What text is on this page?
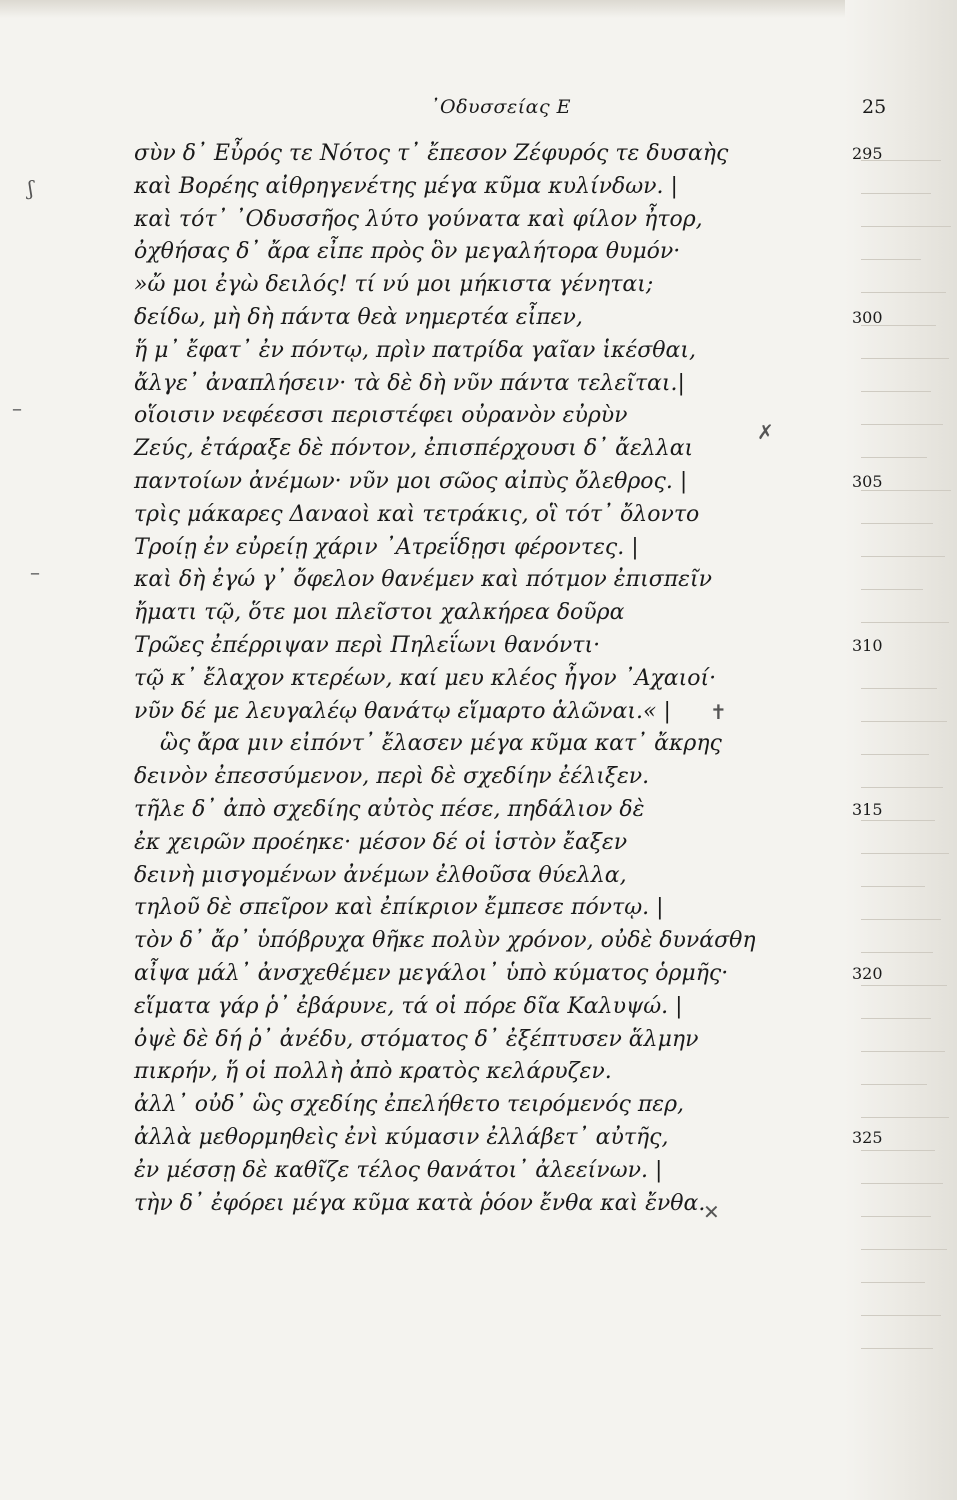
᾿Οδυσσείας Ε	25
σὺν δ᾿ Εὖρός τε Νότος τ᾿ ἔπεσον Ζέφυρός τε δυσαὴς
καὶ Βορέης αἰθρηγενέτης μέγα κῦμα κυλίνδων. |
καὶ τότ᾿ ᾿Οδυσσῆος λύτο γούνατα καὶ φίλον ἦτορ,
ὀχθήσας δ᾿ ἄρα εἶπε πρὸς ὃν μεγαλήτορα θυμόν·
»ὤ μοι ἐγὼ δειλός! τί νύ μοι μήκιστα γένηται;
δείδω, μὴ δὴ πάντα θεὰ νημερτέα εἶπεν,
ἥ μ᾿ ἔφατ᾿ ἐν πόντῳ, πρὶν πατρίδα γαῖαν ἱκέσθαι,
ἄλγε᾿ ἀναπλήσειν· τὰ δὲ δὴ νῦν πάντα τελεῖται.|
οἵοισιν νεφέεσσι περιστέφει οὐρανὸν εὐρὺν
Ζεύς, ἐτάραξε δὲ πόντον, ἐπισπέρχουσι δ᾿ ἄελλαι
παντοίων ἀνέμων· νῦν μοι σῶος αἰπὺς ὄλεθρος. |
τρὶς μάκαρες Δαναοὶ καὶ τετράκις, οἳ τότ᾿ ὄλοντο
Τροίῃ ἐν εὐρείῃ χάριν ᾿Ατρεΐδῃσι φέροντες. |
καὶ δὴ ἐγώ γ᾿ ὄφελον θανέμεν καὶ πότμον ἐπισπεῖν
ἤματι τῷ, ὅτε μοι πλεῖστοι χαλκήρεα δοῦρα
Τρῶες ἐπέρριψαν περὶ Πηλεΐωνι θανόντι·
τῷ κ᾿ ἔλαχον κτερέων, καί μευ κλέος ἦγον ᾿Αχαιοί·
νῦν δέ με λευγαλέῳ θανάτῳ εἵμαρτο ἁλῶναι.« |
ὣς ἄρα μιν εἰπόντ᾿ ἔλασεν μέγα κῦμα κατ᾿ ἄκρης
δεινὸν ἐπεσσύμενον, περὶ δὲ σχεδίην ἐέλιξεν.
τῆλε δ᾿ ἀπὸ σχεδίης αὐτὸς πέσε, πηδάλιον δὲ
ἐκ χειρῶν προέηκε· μέσον δέ οἱ ἱστὸν ἔαξεν
δεινὴ μισγομένων ἀνέμων ἐλθοῦσα θύελλα,
τηλοῦ δὲ σπεῖρον καὶ ἐπίκριον ἔμπεσε πόντῳ. |
τὸν δ᾿ ἄρ᾿ ὑπόβρυχα θῆκε πολὺν χρόνον, οὐδὲ δυνάσθη
αἶψα μάλ᾿ ἀνσχεθέμεν μεγάλοι᾿ ὑπὸ κύματος ὁρμῆς·
εἵματα γάρ ῥ᾿ ἐβάρυνε, τά οἱ πόρε δῖα Καλυψώ. |
ὀψὲ δὲ δή ῥ᾿ ἀνέδυ, στόματος δ᾿ ἐξέπτυσεν ἅλμην
πικρήν, ἥ οἱ πολλὴ ἀπὸ κρατὸς κελάρυζεν.
ἀλλ᾿ οὐδ᾿ ὣς σχεδίης ἐπελήθετο τειρόμενός περ,
ἀλλὰ μεθορμηθεὶς ἐνὶ κύμασιν ἐλλάβετ᾿ αὐτῆς,
ἐν μέσσῃ δὲ καθῖζε τέλος θανάτοι᾿ ἀλεείνων. |
τὴν δ᾿ ἐφόρει μέγα κῦμα κατὰ ῥόον ἔνθα καὶ ἔνθα.
295
300
305
310
315
320
325
ʃ
–
–
✗
✕
✝
